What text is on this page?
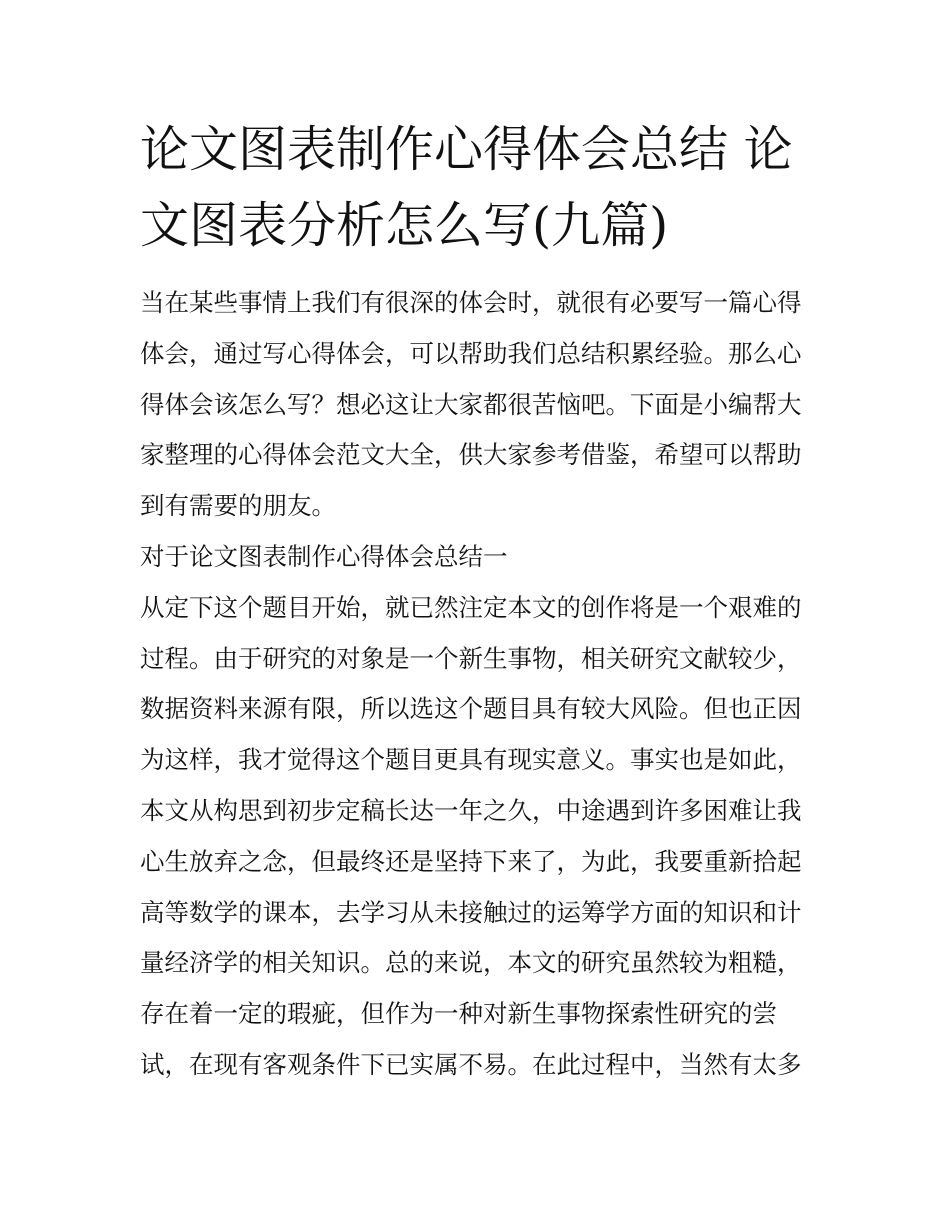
论文图表制作心得体会总结 论
文图表分析怎么写(九篇)
当在某些事情上我们有很深的体会时，就很有必要写一篇心得
体会，通过写心得体会，可以帮助我们总结积累经验。那么心
得体会该怎么写？想必这让大家都很苦恼吧。下面是小编帮大
家整理的心得体会范文大全，供大家参考借鉴，希望可以帮助
到有需要的朋友。
对于论文图表制作心得体会总结一
从定下这个题目开始，就已然注定本文的创作将是一个艰难的
过程。由于研究的对象是一个新生事物，相关研究文献较少，
数据资料来源有限，所以选这个题目具有较大风险。但也正因
为这样，我才觉得这个题目更具有现实意义。事实也是如此，
本文从构思到初步定稿长达一年之久，中途遇到许多困难让我
心生放弃之念，但最终还是坚持下来了，为此，我要重新拾起
高等数学的课本，去学习从未接触过的运筹学方面的知识和计
量经济学的相关知识。总的来说，本文的研究虽然较为粗糙，
存在着一定的瑕疵，但作为一种对新生事物探索性研究的尝
试，在现有客观条件下已实属不易。在此过程中，当然有太多
